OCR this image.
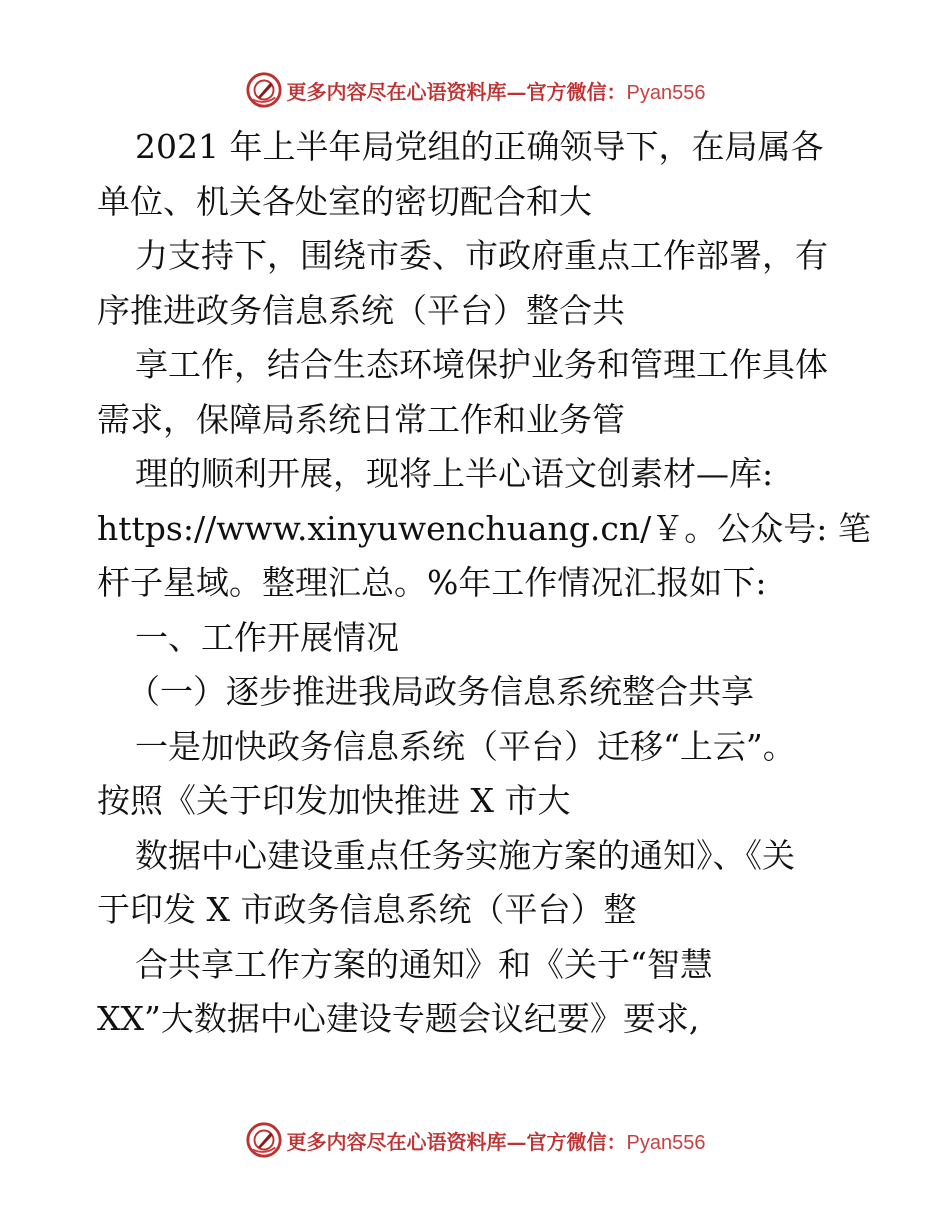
更多内容尽在心语资料库—官方微信：Pyan556
2021 年上半年局党组的正确领导下，在局属各
单位、机关各处室的密切配合和大
力支持下，围绕市委、市政府重点工作部署，有
序推进政务信息系统（平台）整合共
享工作，结合生态环境保护业务和管理工作具体
需求，保障局系统日常工作和业务管
理的顺利开展，现将上半心语文创素材—库:
https://www.xinyuwenchuang.cn/￥。公众号: 笔
杆子星域。整理汇总。%年工作情况汇报如下:
一、工作开展情况
（一）逐步推进我局政务信息系统整合共享
一是加快政务信息系统（平台）迁移“上云”。
按照《关于印发加快推进 X 市大
数据中心建设重点任务实施方案的通知》、《关
于印发 X 市政务信息系统（平台）整
合共享工作方案的通知》和《关于“智慧
XX”大数据中心建设专题会议纪要》要求,
更多内容尽在心语资料库—官方微信：Pyan556
